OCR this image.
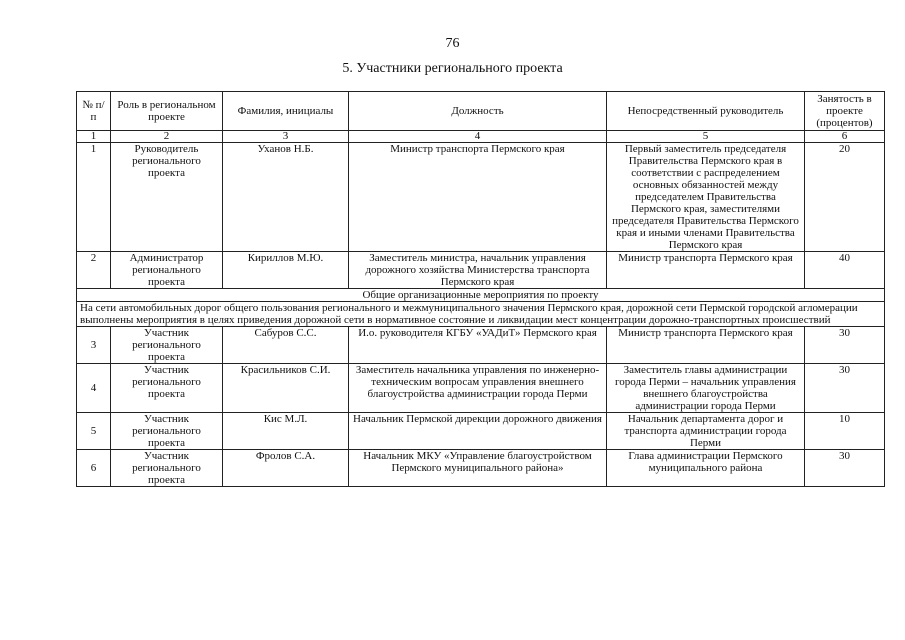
76
5. Участники регионального проекта
№ п/п	Роль в региональном проекте	Фамилия, инициалы	Должность	Непосредственный руководитель	Занятость в проекте (процентов)
1	2	3	4	5	6
1	Руководитель регионального проекта	Уханов Н.Б.	Министр транспорта Пермского края	Первый заместитель председателя Правительства Пермского края в соответствии с распределением основных обязанностей между председателем Правительства Пермского края, заместителями председателя Правительства Пермского края и иными членами Правительства Пермского края	20
2	Администратор регионального проекта	Кириллов М.Ю.	Заместитель министра, начальник управления дорожного хозяйства Министерства транспорта Пермского края	Министр транспорта Пермского края	40
Общие организационные мероприятия по проекту					
На сети автомобильных дорог общего пользования регионального и межмуниципального значения Пермского края, дорожной сети Пермской городской агломерации выполнены мероприятия в целях приведения дорожной сети в нормативное состояние и ликвидации мест концентрации дорожно-транспортных происшествий					
3	Участник регионального проекта	Сабуров С.С.	И.о. руководителя КГБУ «УАДиТ» Пермского края	Министр транспорта Пермского края	30
4	Участник регионального проекта	Красильников С.И.	Заместитель начальника управления по инженерно-техническим вопросам управления внешнего благоустройства администрации города Перми	Заместитель главы администрации города Перми – начальник управления внешнего благоустройства администрации города Перми	30
5	Участник регионального проекта	Кис М.Л.	Начальник Пермской дирекции дорожного движения	Начальник департамента дорог и транспорта администрации города Перми	10
6	Участник регионального проекта	Фролов С.А.	Начальник МКУ «Управление благоустройством Пермского муниципального района»	Глава администрации Пермского муниципального района	30
